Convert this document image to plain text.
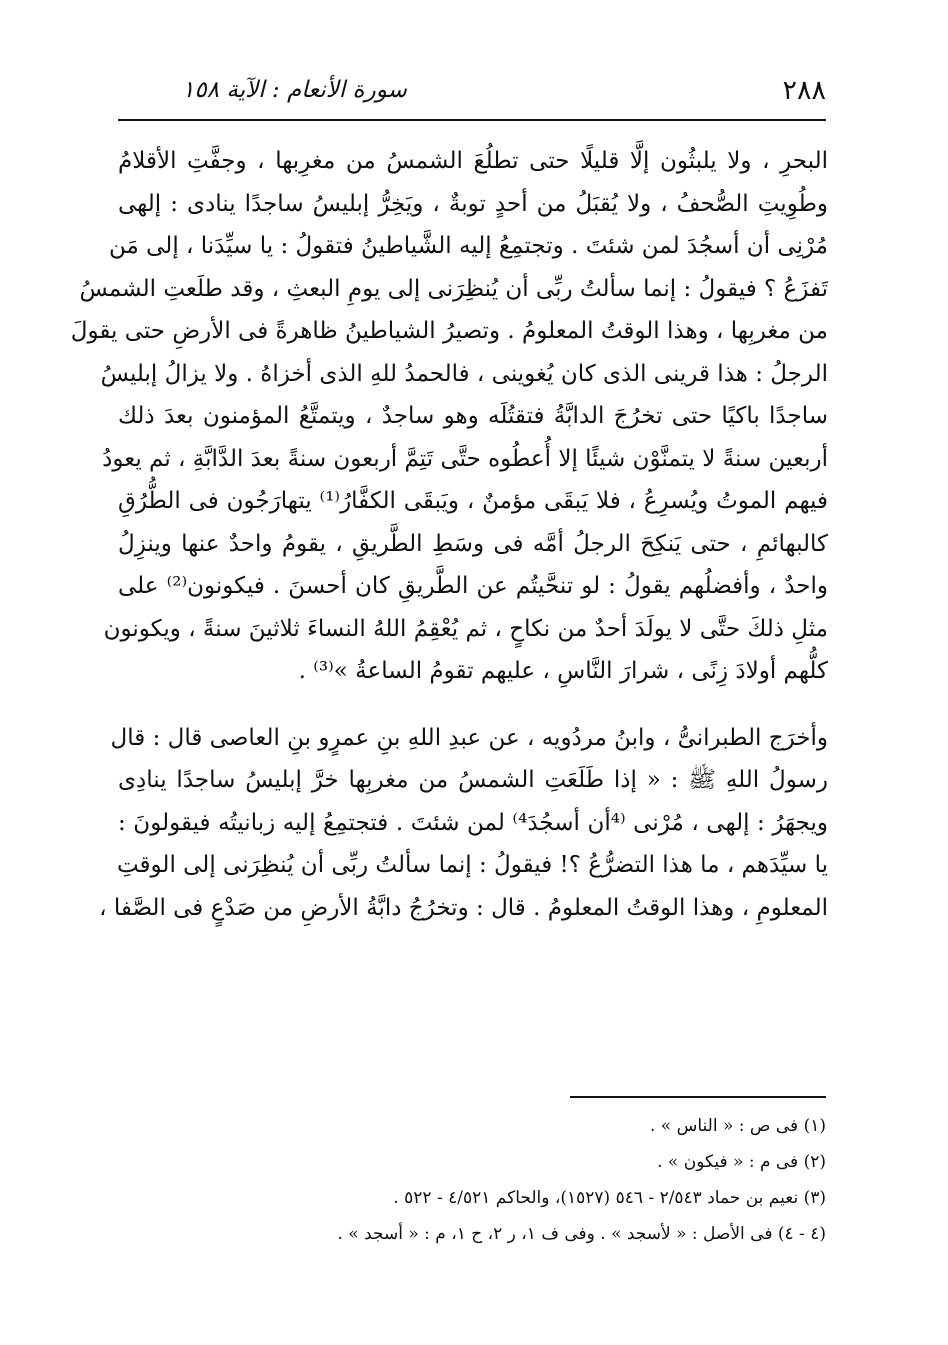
٢٨٨
سورة الأنعام : الآية ١٥٨

البحرِ ، ولا يلبثُون إلَّا قليلًا حتى تطلُعَ الشمسُ من مغرِبها ، وجفَّتِ الأقلامُ
وطُوِيتِ الصُّحفُ ، ولا يُقبَلُ من أحدٍ توبةٌ ، ويَخِرُّ إبليسُ ساجدًا ينادى : إلهى
مُرْنِى أن أسجُدَ لمن شئتَ . وتجتمِعُ إليه الشَّياطينُ فتقولُ : يا سيِّدَنا ، إلى مَن
تَفزَعُ ؟ فيقولُ : إنما سألتُ ربِّى أن يُنظِرَنى إلى يومِ البعثِ ، وقد طلَعتِ الشمسُ
من مغربِها ، وهذا الوقتُ المعلومُ . وتصيرُ الشياطينُ ظاهرةً فى الأرضِ حتى يقولَ
الرجلُ : هذا قرينى الذى كان يُغوينى ، فالحمدُ للهِ الذى أخزاهُ . ولا يزالُ إبليسُ
ساجدًا باكيًا حتى تخرُجَ الدابَّةُ فتقتُلَه وهو ساجدٌ ، ويتمتَّعُ المؤمنون بعدَ ذلك
أربعين سنةً لا يتمنَّوْن شيئًا إلا أُعطُوه حتَّى تَتِمَّ أربعون سنةً بعدَ الدَّابَّةِ ، ثم يعودُ
فيهم الموتُ ويُسرِعُ ، فلا يَبقَى مؤمنٌ ، ويَبقَى الكفَّارُ⁽¹⁾ يتهارَجُون فى الطُّرُقِ
كالبهائمِ ، حتى يَنكِحَ الرجلُ أمَّه فى وسَطِ الطَّريقِ ، يقومُ واحدٌ عنها وينزِلُ
واحدٌ ، وأفضلُهم يقولُ : لو تنحَّيتُم عن الطَّريقِ كان أحسنَ . فيكونون⁽²⁾ على
مثلِ ذلكَ حتَّى لا يولَدَ أحدٌ من نكاحٍ ، ثم يُعْقِمُ اللهُ النساءَ ثلاثينَ سنةً ، ويكونون
كلُّهم أولادَ زِنًى ، شرارَ النَّاسِ ، عليهم تقومُ الساعةُ »⁽³⁾ .

وأخرَج الطبرانىُّ ، وابنُ مردُويه ، عن عبدِ اللهِ بنِ عمرٍو بنِ العاصى قال : قال
رسولُ اللهِ ﷺ : « إذا طَلَعَتِ الشمسُ من مغربِها خرَّ إبليسُ ساجدًا ينادِى
ويجهَرُ : إلهى ، مُرْنى ⁽⁴أن أسجُدَ⁴⁾ لمن شئتَ . فتجتمِعُ إليه زبانيتُه فيقولونَ :
يا سيِّدَهم ، ما هذا التضرُّعُ ؟! فيقولُ : إنما سألتُ ربِّى أن يُنظِرَنى إلى الوقتِ
المعلومِ ، وهذا الوقتُ المعلومُ . قال : وتخرُجُ دابَّةُ الأرضِ من صَدْعٍ فى الصَّفا ،

(١) فى ص : « الناس » .
(٢) فى م : « فيكون » .
(٣) نعيم بن حماد ٢/٥٤٣ - ٥٤٦ (١٥٢٧)، والحاكم ٤/٥٢١ - ٥٢٢ .
(٤ - ٤) فى الأصل : « لأسجد » . وفى ف ١، ر ٢، ح ١، م : « أسجد » .
